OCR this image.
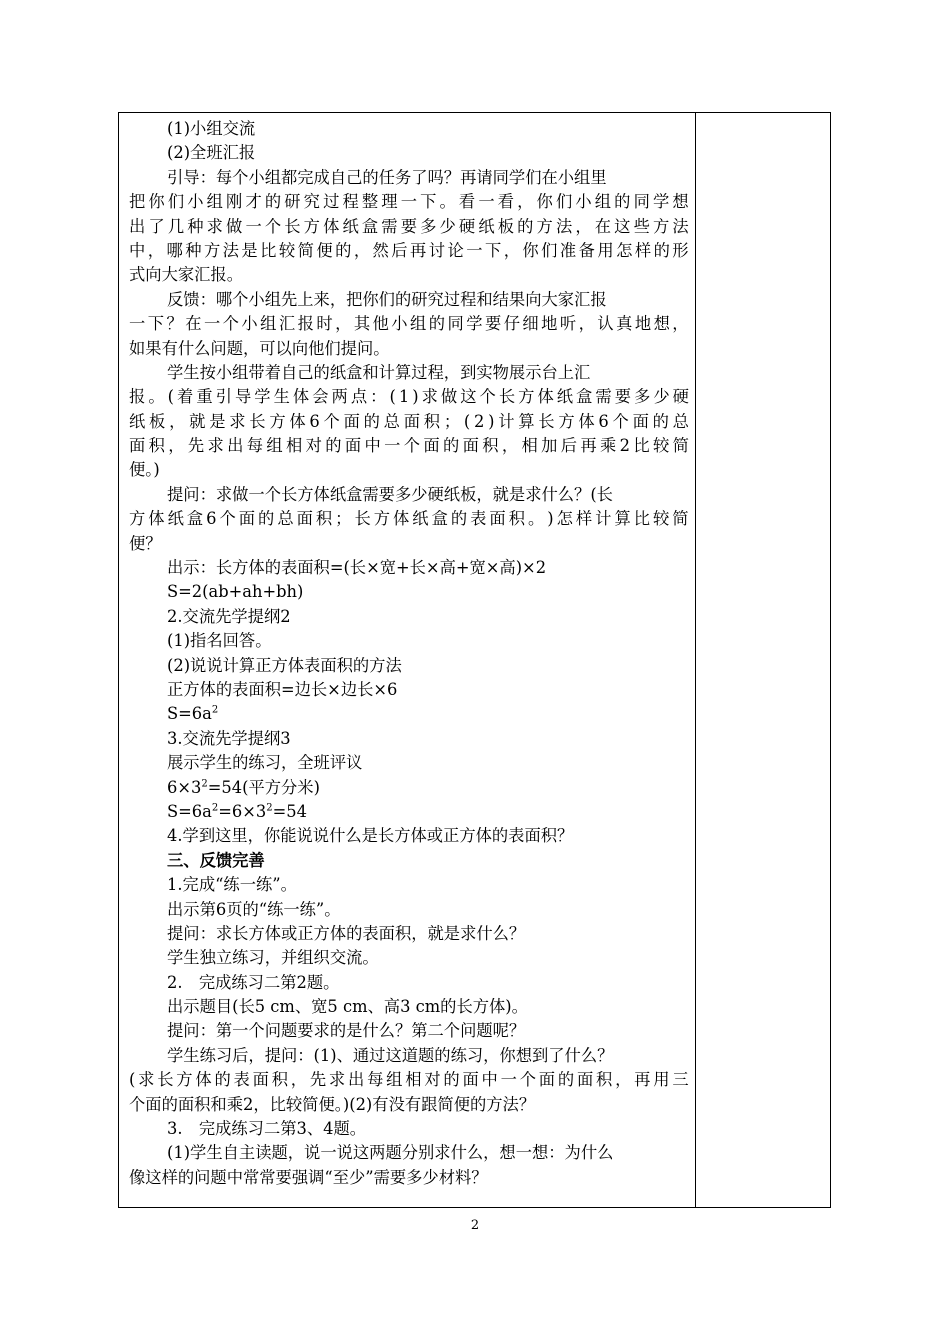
(1)小组交流
(2)全班汇报
引导：每个小组都完成自己的任务了吗？再请同学们在小组里
把 你 们 小 组 刚 才 的 研 究 过 程 整 理 一 下 。 看 一 看 ， 你 们 小 组 的 同 学 想
出 了 几 种 求 做 一 个 长 方 体 纸 盒 需 要 多 少 硬 纸 板 的 方 法 ， 在 这 些 方 法
中 ， 哪 种 方 法 是 比 较 简 便 的 ， 然 后 再 讨 论 一 下 ， 你 们 准 备 用 怎 样 的 形
式向大家汇报。
反馈：哪个小组先上来，把你们的研究过程和结果向大家汇报
一 下 ？ 在 一 个 小 组 汇 报 时 ， 其 他 小 组 的 同 学 要 仔 细 地 听 ， 认 真 地 想 ，
如果有什么问题，可以向他们提问。
学生按小组带着自己的纸盒和计算过程，到实物展示台上汇
报 。 ( 着 重 引 导 学 生 体 会 两 点 ： ( 1 ) 求 做 这 个 长 方 体 纸 盒 需 要 多 少 硬
纸 板 ， 就 是 求 长 方 体 6 个 面 的 总 面 积 ； ( 2 ) 计 算 长 方 体 6 个 面 的 总
面 积 ， 先 求 出 每 组 相 对 的 面 中 一 个 面 的 面 积 ， 相 加 后 再 乘 2 比 较 简
便。)
提问：求做一个长方体纸盒需要多少硬纸板，就是求什么？(长
方 体 纸 盒 6 个 面 的 总 面 积 ； 长 方 体 纸 盒 的 表 面 积 。 ) 怎 样 计 算 比 较 简
便？
出示：长方体的表面积=(长×宽+长×高+宽×高)×2
S=2(ab+ah+bh)
2.交流先学提纲2
(1)指名回答。
(2)说说计算正方体表面积的方法
正方体的表面积=边长×边长×6
$S=6a^2$
3.交流先学提纲3
展示学生的练习，全班评议
$6\times 3^2=54$(平方分米)
$S=6a^2=6\times 3^2=54$
4.学到这里，你能说说什么是长方体或正方体的表面积？
三、反馈完善
1.完成“练一练”。
出示第6页的“练一练”。
提问：求长方体或正方体的表面积，就是求什么？
学生独立练习，并组织交流。
2.　完成练习二第2题。
出示题目(长5 cm、宽5 cm、高3 cm的长方体)。
提问：第一个问题要求的是什么？第二个问题呢？
学生练习后，提问：(1)、通过这道题的练习，你想到了什么？
( 求 长 方 体 的 表 面 积 ， 先 求 出 每 组 相 对 的 面 中 一 个 面 的 面 积 ， 再 用 三
个面的面积和乘2，比较简便。)(2)有没有跟简便的方法？
3.　完成练习二第3、4题。
(1)学生自主读题，说一说这两题分别求什么，想一想：为什么
像这样的问题中常常要强调“至少”需要多少材料？
2
